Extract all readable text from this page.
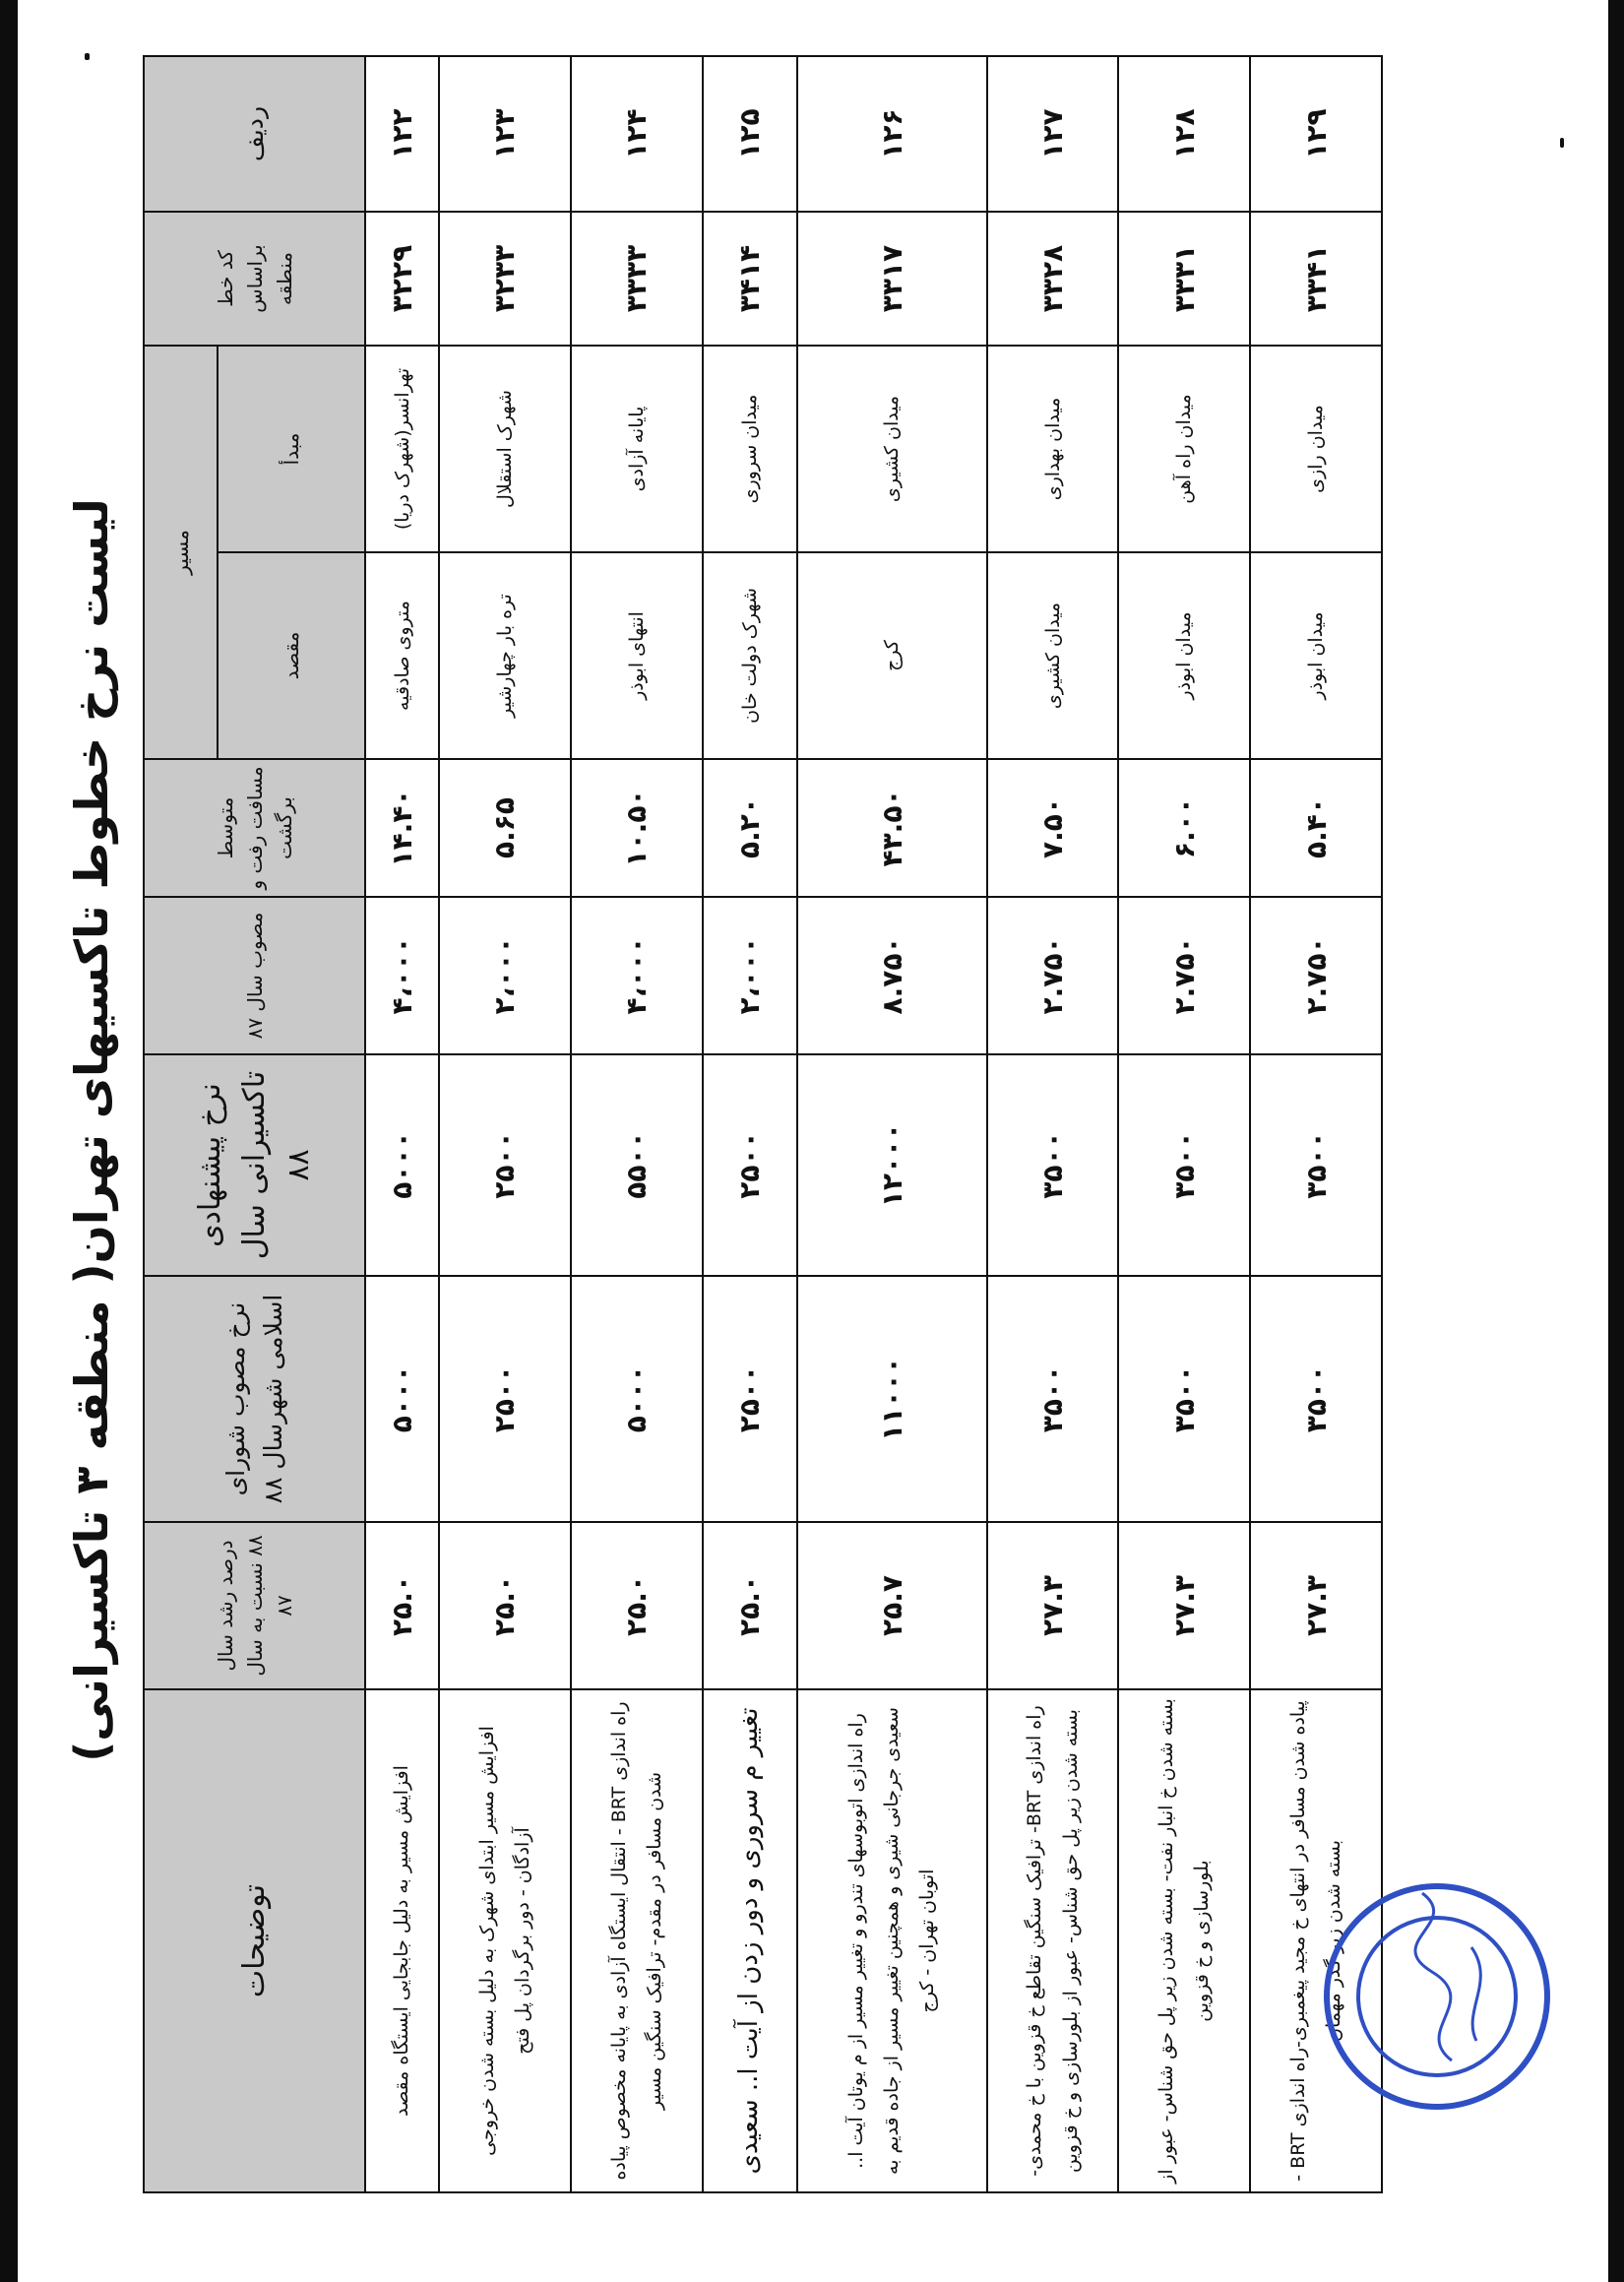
لیست نرخ خطوط تاکسیهای تهران( منطقه ۳ تاکسیرانی)
ردیف	کد خط براساس منطقه	مسیر		متوسط مسافت رفت و برگشت	مصوب سال ۸۷	نرخ پیشنهادی تاکسیرانی سال ۸۸	نرخ مصوب شورای اسلامی شهرسال ۸۸	درصد رشد سال ۸۸ نسبت به سال ۸۷	توضیحات
		مبدأ	مقصد						
۱۲۲	۳۲۲۹	تهرانسر(شهرک دریا)	متروی صادقیه	۱۴.۴۰	۴،۰۰۰	۵۰۰۰	۵۰۰۰	۲۵.۰	افزایش مسیر به دلیل جابجایی ایستگاه مقصد
۱۲۳	۳۲۳۳	شهرک استقلال	تره بار چهارشیر	۵.۶۵	۲،۰۰۰	۲۵۰۰	۲۵۰۰	۲۵.۰	افزایش مسیر ابتدای شهرک به دلیل بسته شدن خروجی آزادگان - دور برگردان پل فتح
۱۲۴	۳۳۳۳	پایانه آزادی	انتهای ابوذر	۱۰.۵۰	۴،۰۰۰	۵۵۰۰	۵۰۰۰	۲۵.۰	راه اندازی BRT - انتقال ایستگاه آزادی به پایانه مخصوص پیاده شدن مسافر در مقدم- ترافیک سنگین مسیر
۱۲۵	۳۴۱۴	میدان سروری	شهرک دولت خان	۵.۲۰	۲،۰۰۰	۲۵۰۰	۲۵۰۰	۲۵.۰	تغییر م سروری و دور زدن از آیت ا.. سعیدی
۱۲۶	۳۳۱۷	میدان کشیری	کرج	۴۳.۵۰	۸.۷۵۰	۱۲۰۰۰	۱۱۰۰۰	۲۵.۷	راه اندازی اتوبوسهای تندرو و تغییر مسیر از م یوتان آیت ا.. سعیدی جرجانی شیری و همچنین تغییر مسیر از جاده قدیم به اتوبان تهران - کرج
۱۲۷	۳۳۲۸	میدان بهداری	میدان کشیری	۷.۵۰	۲.۷۵۰	۳۵۰۰	۳۵۰۰	۲۷.۳	راه اندازی BRT- ترافیک سنگین تقاطع خ قزوین با خ محمدی-بسته شدن زیر پل حق شناس- عبور از بلورسازی و خ قزوین
۱۲۸	۳۳۳۱	میدان راه آهن	میدان ابوذر	۶.۰۰	۲.۷۵۰	۳۵۰۰	۳۵۰۰	۲۷.۳	بسته شدن خ انبار نفت- بسته شدن زیر پل حق شناس- عبور از بلورسازی و خ قزوین
۱۲۹	۳۳۴۱	میدان رازی	میدان ابوذر	۵.۴۰	۲.۷۵۰	۳۵۰۰	۳۵۰۰	۲۷.۳	پیاده شدن مسافر در انتهای خ مجید پیغمبری-راه اندازی BRT - بسته شدن زیر گذر مهمان
